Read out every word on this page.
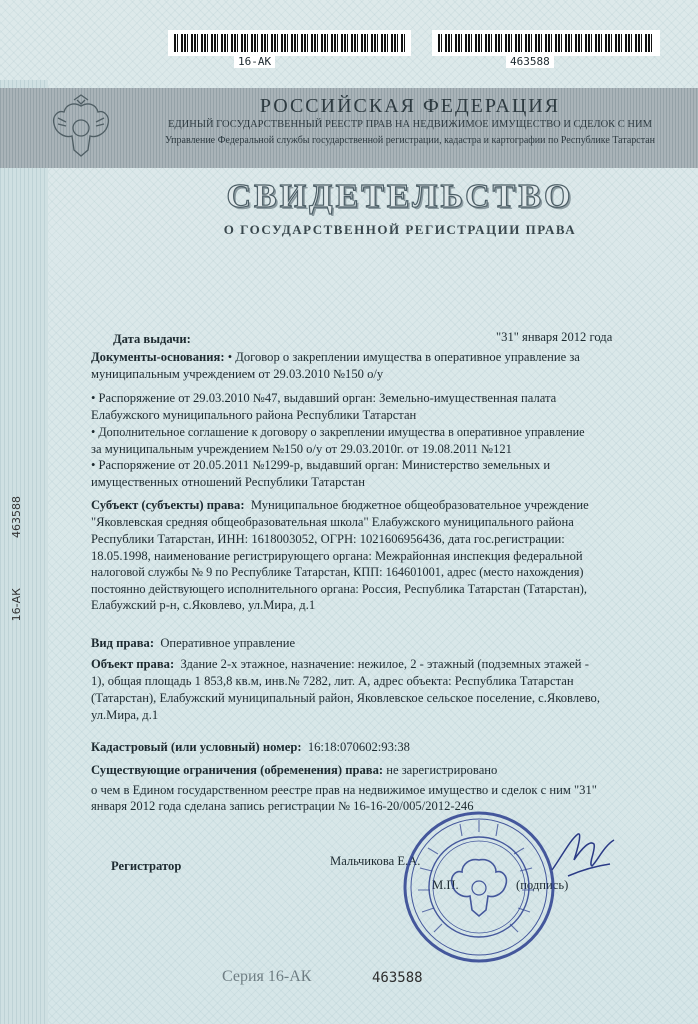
16-AK	463588
РОССИЙСКАЯ ФЕДЕРАЦИЯ
ЕДИНЫЙ ГОСУДАРСТВЕННЫЙ РЕЕСТР ПРАВ НА НЕДВИЖИМОЕ ИМУЩЕСТВО И СДЕЛОК С НИМ
Управление Федеральной службы государственной регистрации, кадастра и картографии по Республике Татарстан
СВИДЕТЕЛЬСТВО
О ГОСУДАРСТВЕННОЙ РЕГИСТРАЦИИ ПРАВА
16-АК
463588
Дата выдачи:	"31" января 2012 года
Документы-основания: • Договор о закреплении имущества в оперативное управление за
муниципальным учреждением от 29.03.2010 №150 о/у
• Распоряжение от 29.03.2010 №47, выдавший орган: Земельно-имущественная палата
Елабужского муниципального района Республики Татарстан
• Дополнительное соглашение к договору о закреплении имущества в оперативное управление
за муниципальным учреждением №150 о/у от 29.03.2010г. от 19.08.2011 №121
• Распоряжение от 20.05.2011 №1299-р, выдавший орган: Министерство земельных и
имущественных отношений Республики Татарстан
Субъект (субъекты) права: Муниципальное бюджетное общеобразовательное учреждение
"Яковлевская средняя общеобразовательная школа" Елабужского муниципального района
Республики Татарстан, ИНН: 1618003052, ОГРН: 1021606956436, дата гос.регистрации:
18.05.1998, наименование регистрирующего органа: Межрайонная инспекция федеральной
налоговой службы № 9 по Республике Татарстан, КПП: 164601001, адрес (место нахождения)
постоянно действующего исполнительного органа: Россия, Республика Татарстан (Татарстан),
Елабужский р-н, с.Яковлево, ул.Мира, д.1
Вид права: Оперативное управление
Объект права: Здание 2-х этажное, назначение: нежилое, 2 - этажный (подземных этажей -
1), общая площадь 1 853,8 кв.м, инв.№ 7282, лит. А, адрес объекта: Республика Татарстан
(Татарстан), Елабужский муниципальный район, Яковлевское сельское поселение, с.Яковлево,
ул.Мира, д.1
Кадастровый (или условный) номер: 16:18:070602:93:38
Существующие ограничения (обременения) права: не зарегистрировано
о чем в Едином государственном реестре прав на недвижимое имущество и сделок с ним "31"
января 2012 года сделана запись регистрации № 16-16-20/005/2012-246
Регистратор	Мальчикова Е.А.
М.П.	(подпись)
Серия 16-АК	463588
